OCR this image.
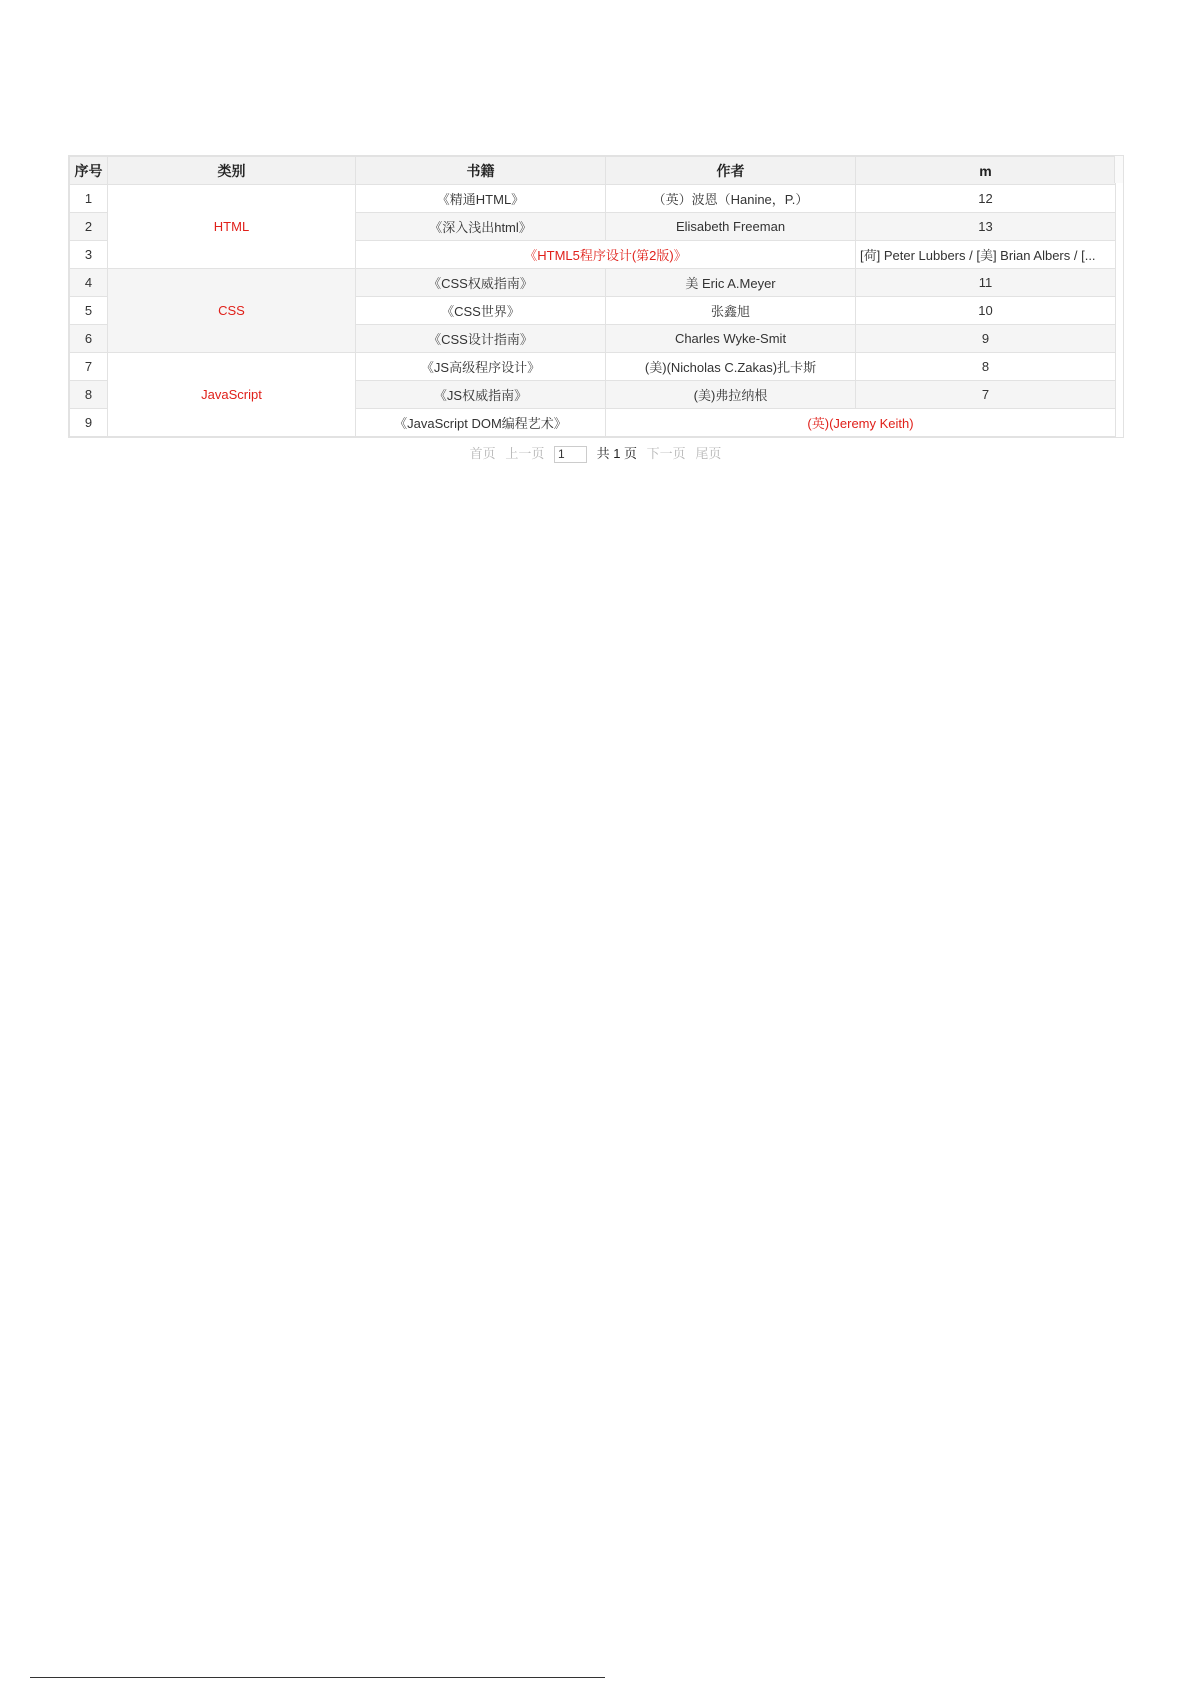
序号	类别	书籍	作者	m
1	HTML	《精通HTML》	（英）波恩（Hanine，P.）	12
2		《深入浅出html》	Elisabeth Freeman	13
3		《HTML5程序设计(第2版)》		[荷] Peter Lubbers / [美] Brian Albers / [...
4	CSS	《CSS权威指南》	美 Eric A.Meyer	11
5		《CSS世界》	张鑫旭	10
6		《CSS设计指南》	Charles Wyke-Smit	9
7	JavaScript	《JS高级程序设计》	(美)(Nicholas C.Zakas)扎卡斯	8
8		《JS权威指南》	(美)弗拉纳根	7
9		《JavaScript DOM编程艺术》	(英)(Jeremy Keith)	
首页 上一页 1 共 1 页 下一页 尾页
